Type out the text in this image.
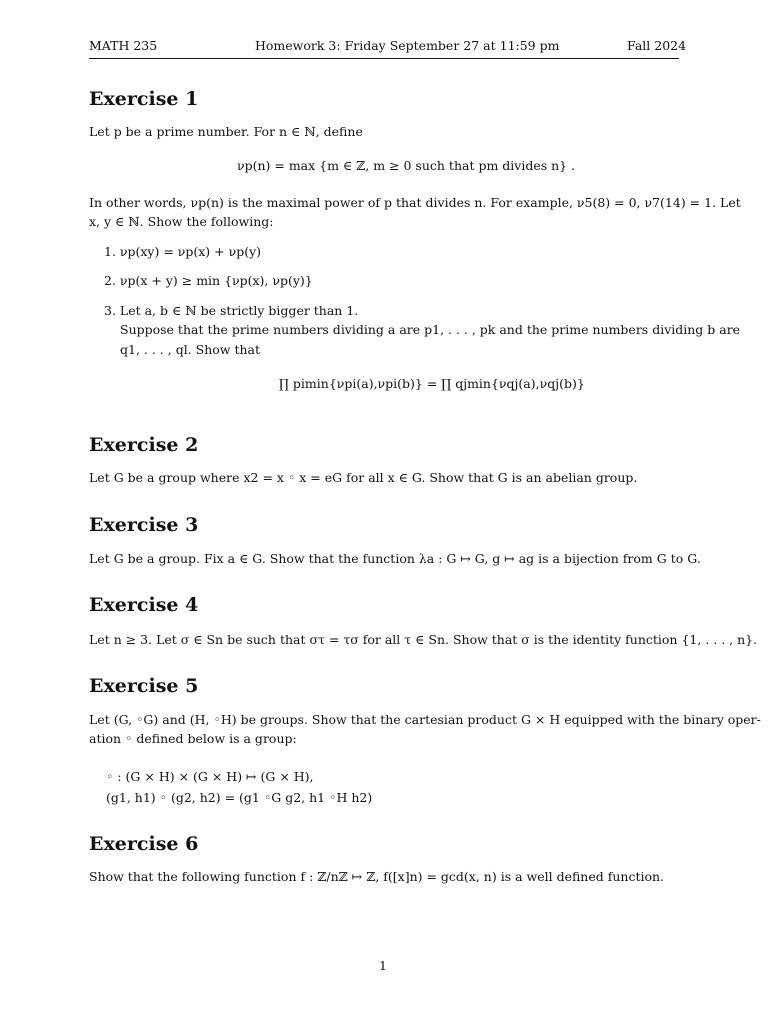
MATH 235	Homework 3: Friday September 27 at 11:59 pm	Fall 2024
Exercise 1
Let p be a prime number. For n ∈ ℕ, define
νp(n) = max {m ∈ ℤ, m ≥ 0 such that pm divides n} .
In other words, νp(n) is the maximal power of p that divides n. For example, ν5(8) = 0, ν7(14) = 1. Let
x, y ∈ ℕ. Show the following:
1. νp(xy) = νp(x) + νp(y)
2. νp(x + y) ≥ min {νp(x), νp(y)}
3. Let a, b ∈ ℕ be strictly bigger than 1.
Suppose that the prime numbers dividing a are p1, . . . , pk and the prime numbers dividing b are
q1, . . . , ql. Show that
∏ pimin{νpi(a),νpi(b)} = ∏ qjmin{νqj(a),νqj(b)}
Exercise 2
Let G be a group where x2 = x ◦ x = eG for all x ∈ G. Show that G is an abelian group.
Exercise 3
Let G be a group. Fix a ∈ G. Show that the function λa : G ↦ G, g ↦ ag is a bijection from G to G.
Exercise 4
Let n ≥ 3. Let σ ∈ Sn be such that στ = τσ for all τ ∈ Sn. Show that σ is the identity function {1, . . . , n}.
Exercise 5
Let (G, ◦G) and (H, ◦H) be groups. Show that the cartesian product G × H equipped with the binary oper-
ation ◦ defined below is a group:
◦ : (G × H) × (G × H) ↦ (G × H),
(g1, h1) ◦ (g2, h2) = (g1 ◦G g2, h1 ◦H h2)
Exercise 6
Show that the following function f : ℤ/nℤ ↦ ℤ, f([x]n) = gcd(x, n) is a well defined function.
1
